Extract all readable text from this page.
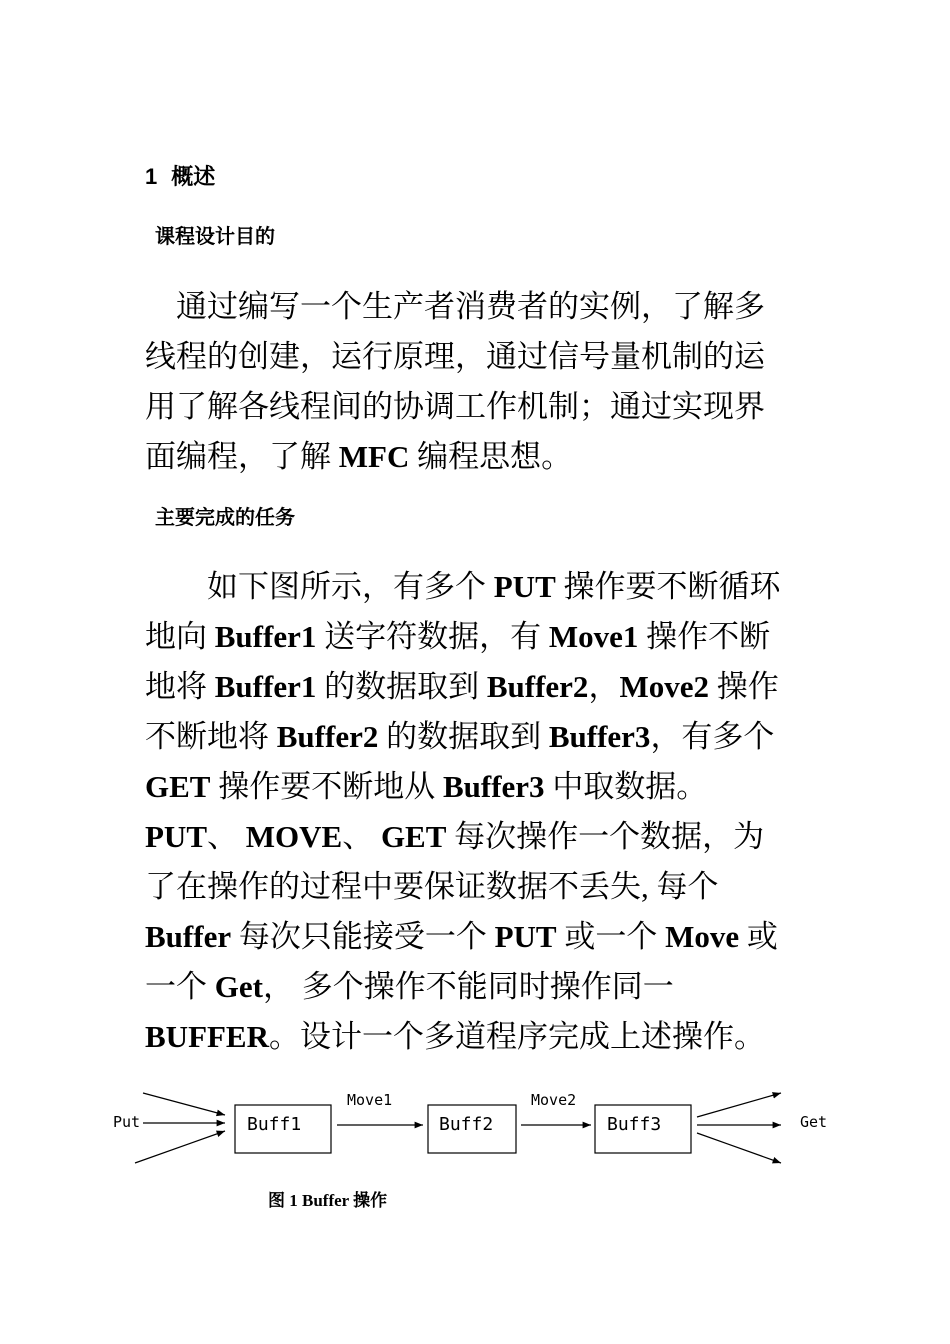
1 概述
课程设计目的
　通过编写一个生产者消费者的实例，了解多
线程的创建，运行原理，通过信号量机制的运
用了解各线程间的协调工作机制；通过实现界
面编程，了解 MFC 编程思想。
主要完成的任务
　　如下图所示，有多个 PUT 操作要不断循环
地向 Buffer1 送字符数据，有 Move1 操作不断
地将 Buffer1 的数据取到 Buffer2，Move2 操作
不断地将 Buffer2 的数据取到 Buffer3，有多个
GET 操作要不断地从 Buffer3 中取数据。
PUT、 MOVE、 GET 每次操作一个数据，为
了在操作的过程中要保证数据不丢失, 每个
Buffer 每次只能接受一个 PUT 或一个 Move 或
一个 Get， 多个操作不能同时操作同一
BUFFER。设计一个多道程序完成上述操作。
Put	Buff1
Move1
Buff2
Move2
Buff3	Get
图 1 Buffer 操作
